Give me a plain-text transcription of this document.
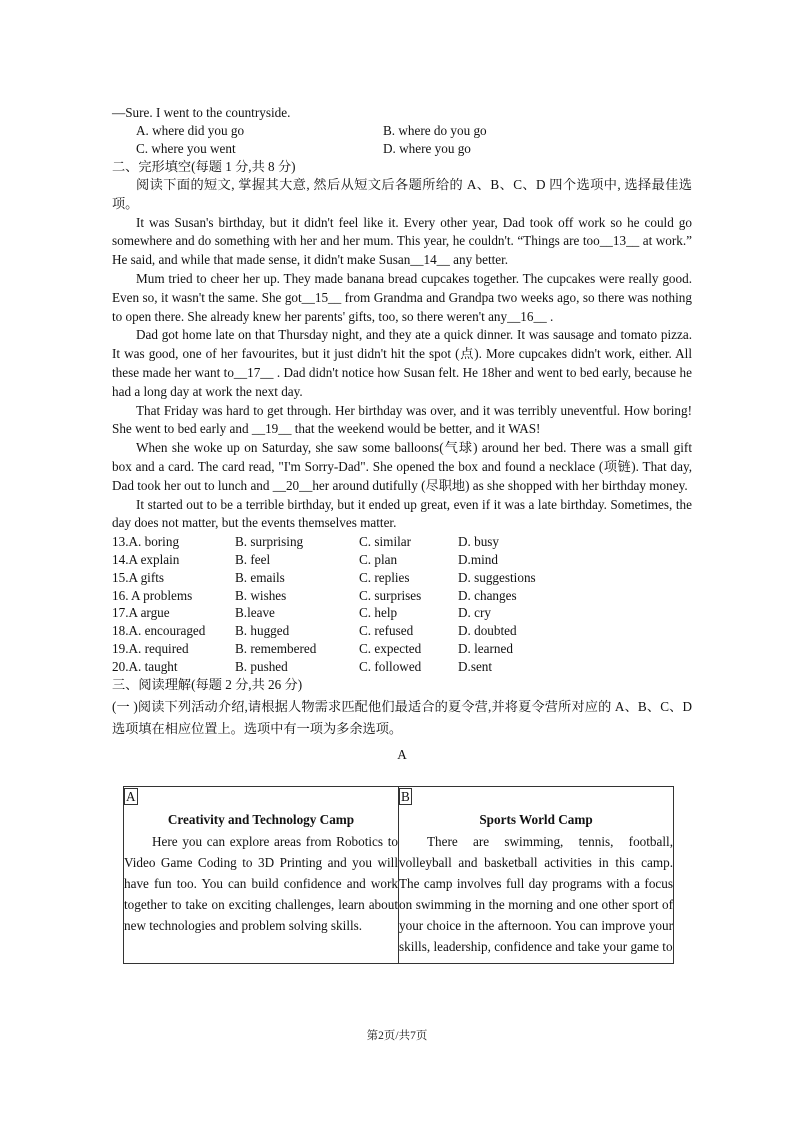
—Sure. I went to the countryside.
A. where did you go	B. where do you go
C. where you went	D. where you go
二、完形填空(每题 1 分,共 8 分)

阅读下面的短文, 掌握其大意, 然后从短文后各题所给的 A、B、C、D 四个选项中, 选择最佳选项。

It was Susan's birthday, but it didn't feel like it. Every other year, Dad took off work so he could go somewhere and do something with her and her mum. This year, he couldn't. “Things are too__13__ at work.” He said, and while that made sense, it didn't make Susan__14__ any better.

Mum tried to cheer her up. They made banana bread cupcakes together. The cupcakes were really good. Even so, it wasn't the same. She got__15__ from Grandma and Grandpa two weeks ago, so there was nothing to open there. She already knew her parents' gifts, too, so there weren't any__16__ .

Dad got home late on that Thursday night, and they ate a quick dinner. It was sausage and tomato pizza. It was good, one of her favourites, but it just didn't hit the spot (点). More cupcakes didn't work, either. All these made her want to__17__ . Dad didn't notice how Susan felt. He 18her and went to bed early, because he had a long day at work the next day.

That Friday was hard to get through. Her birthday was over, and it was terribly uneventful. How boring! She went to bed early and __19__ that the weekend would be better, and it WAS!

When she woke up on Saturday, she saw some balloons(气球) around her bed. There was a small gift box and a card. The card read, "I'm Sorry-Dad". She opened the box and found a necklace (项链). That day, Dad took her out to lunch and __20__her around dutifully (尽职地) as she shopped with her birthday money.

It started out to be a terrible birthday, but it ended up great, even if it was a late birthday. Sometimes, the day does not matter, but the events themselves matter.

13.A. boring	B. surprising	C. similar	D. busy
14.A explain	B. feel	C. plan	D.mind
15.A gifts	B. emails	C. replies	D. suggestions
16. A problems	B. wishes	C. surprises	D. changes
17.A argue	B.leave	C. help	D. cry
18.A. encouraged	B. hugged	C. refused	D. doubted
19.A. required	B. remembered	C. expected	D. learned
20.A. taught	B. pushed	C. followed	D.sent
三、阅读理解(每题 2 分,共 26 分)

(一 )阅读下列活动介绍,请根据人物需求匹配他们最适合的夏令营,并将夏令营所对应的 A、B、C、D 选项填在相应位置上。选项中有一项为多余选项。

A
A
Creativity and Technology Camp
Here you can explore areas from Robotics to Video Game Coding to 3D Printing and you will have fun too. You can build confidence and work together to take on exciting challenges, learn about new technologies and problem solving skills.
	B
Sports World Camp
There are swimming, tennis, football, volleyball and basketball activities in this camp. The camp involves full day programs with a focus on swimming in the morning and one other sport of your choice in the afternoon. You can improve your skills, leadership, confidence and take your game to
第2页/共7页
